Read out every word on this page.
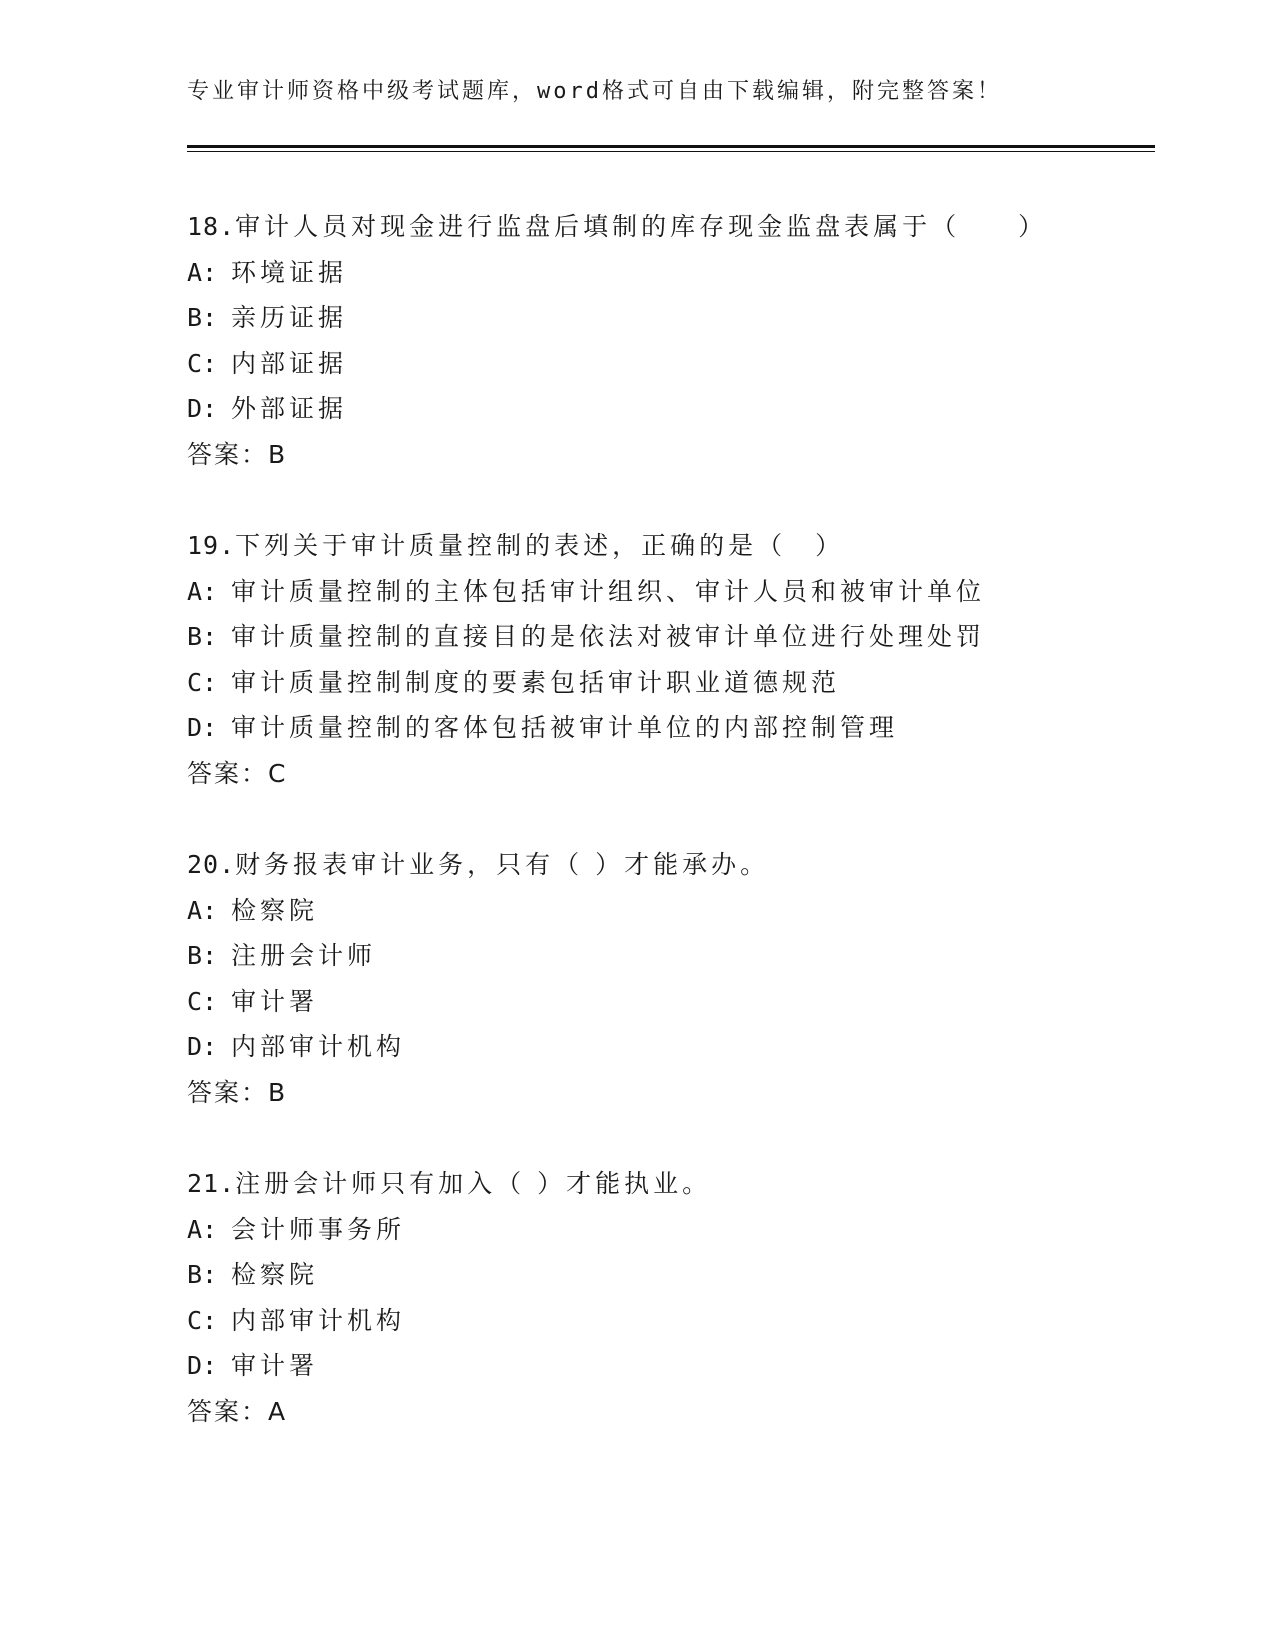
专业审计师资格中级考试题库，word格式可自由下载编辑，附完整答案！
18.审计人员对现金进行监盘后填制的库存现金监盘表属于（　　）
A: 环境证据
B: 亲历证据
C: 内部证据
D: 外部证据
答案：B
19.下列关于审计质量控制的表述，正确的是（　）
A: 审计质量控制的主体包括审计组织、审计人员和被审计单位
B: 审计质量控制的直接目的是依法对被审计单位进行处理处罚
C: 审计质量控制制度的要素包括审计职业道德规范
D: 审计质量控制的客体包括被审计单位的内部控制管理
答案：C
20.财务报表审计业务，只有（ ）才能承办。
A: 检察院
B: 注册会计师
C: 审计署
D: 内部审计机构
答案：B
21.注册会计师只有加入（ ）才能执业。
A: 会计师事务所
B: 检察院
C: 内部审计机构
D: 审计署
答案：A
